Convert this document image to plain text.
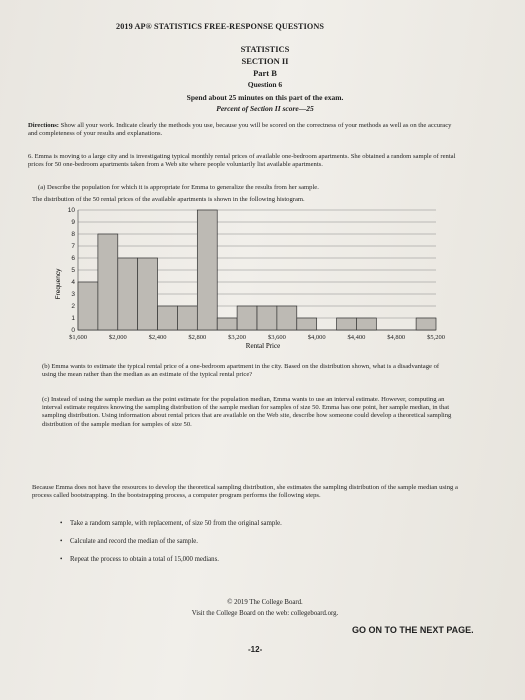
2019 AP® STATISTICS FREE-RESPONSE QUESTIONS
STATISTICS
SECTION II
Part B
Question 6
Spend about 25 minutes on this part of the exam.
Percent of Section II score—25
Directions: Show all your work. Indicate clearly the methods you use, because you will be scored on the correctness of your methods as well as on the accuracy and completeness of your results and explanations.
6. Emma is moving to a large city and is investigating typical monthly rental prices of available one-bedroom apartments. She obtained a random sample of rental prices for 50 one-bedroom apartments taken from a Web site where people voluntarily list available apartments.
(a) Describe the population for which it is appropriate for Emma to generalize the results from her sample.
The distribution of the 50 rental prices of the available apartments is shown in the following histogram.
0
1
2
3
4
5
6
7
8
9
10
$1,600	$2,000	$2,400	$2,800	$3,200	$3,600	$4,000	$4,400	$4,800	$5,200
Frequency
Rental Price
(b) Emma wants to estimate the typical rental price of a one-bedroom apartment in the city. Based on the distribution shown, what is a disadvantage of using the mean rather than the median as an estimate of the typical rental price?
(c) Instead of using the sample median as the point estimate for the population median, Emma wants to use an interval estimate. However, computing an interval estimate requires knowing the sampling distribution of the sample median for samples of size 50. Emma has one point, her sample median, in that sampling distribution. Using information about rental prices that are available on the Web site, describe how someone could develop a theoretical sampling distribution of the sample median for samples of size 50.
Because Emma does not have the resources to develop the theoretical sampling distribution, she estimates the sampling distribution of the sample median using a process called bootstrapping. In the bootstrapping process, a computer program performs the following steps.
• Take a random sample, with replacement, of size 50 from the original sample.
• Calculate and record the median of the sample.
• Repeat the process to obtain a total of 15,000 medians.
© 2019 The College Board.
Visit the College Board on the web: collegeboard.org.
GO ON TO THE NEXT PAGE.
-12-
